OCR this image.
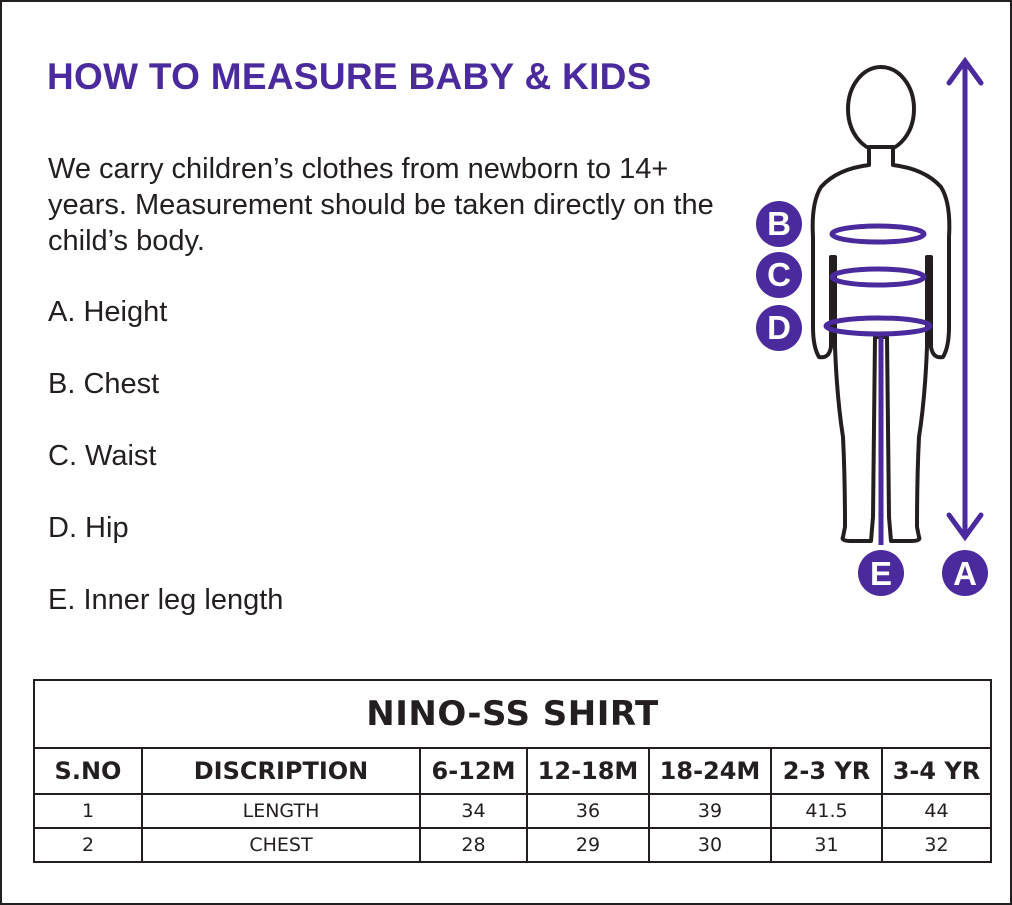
HOW TO MEASURE BABY & KIDS

We carry children’s clothes from newborn to 14+ years. Measurement should be taken directly on the child’s body.

A. Height
B. Chest
C. Waist
D. Hip
E. Inner leg length
B
C
D
E A
NINO-SS SHIRT						
S.NO	DISCRIPTION	6-12M	12-18M	18-24M	2-3 YR	3-4 YR
1	LENGTH	34	36	39	41.5	44
2	CHEST	28	29	30	31	32
